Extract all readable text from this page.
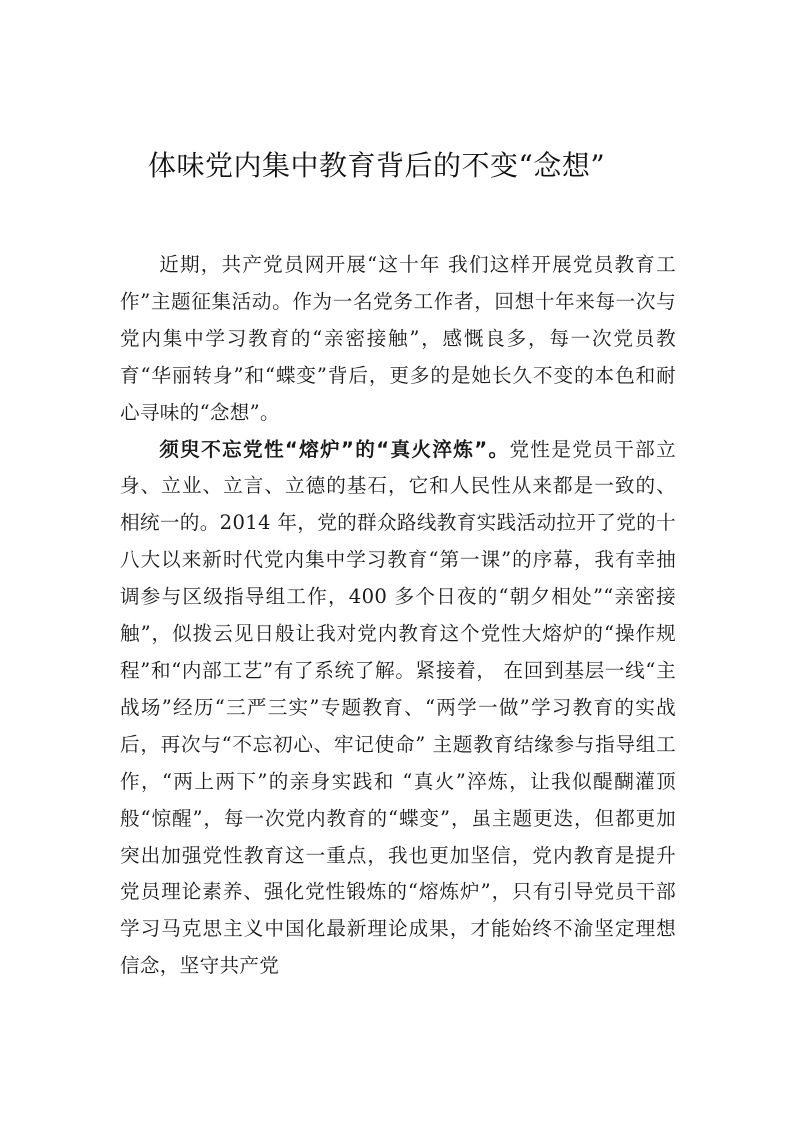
体味党内集中教育背后的不变“念想”

近期，共产党员网开展“这十年 我们这样开展党员教育工作”主题征集活动。作为一名党务工作者，回想十年来每一次与党内集中学习教育的“亲密接触”，感慨良多，每一次党员教育“华丽转身”和“蝶变”背后，更多的是她长久不变的本色和耐心寻味的“念想”。

须臾不忘党性“熔炉”的“真火淬炼”。党性是党员干部立身、立业、立言、立德的基石，它和人民性从来都是一致的、相统一的。2014 年，党的群众路线教育实践活动拉开了党的十八大以来新时代党内集中学习教育“第一课”的序幕，我有幸抽调参与区级指导组工作，400 多个日夜的“朝夕相处”“亲密接触”，似拨云见日般让我对党内教育这个党性大熔炉的“操作规程”和“内部工艺”有了系统了解。紧接着， 在回到基层一线“主战场”经历“三严三实”专题教育、“两学一做”学习教育的实战后，再次与“不忘初心、牢记使命” 主题教育结缘参与指导组工作，“两上两下”的亲身实践和 “真火”淬炼，让我似醍醐灌顶般“惊醒”，每一次党内教育的“蝶变”，虽主题更迭，但都更加突出加强党性教育这一重点，我也更加坚信，党内教育是提升党员理论素养、强化党性锻炼的“熔炼炉”，只有引导党员干部学习马克思主义中国化最新理论成果，才能始终不渝坚定理想信念，坚守共产党
